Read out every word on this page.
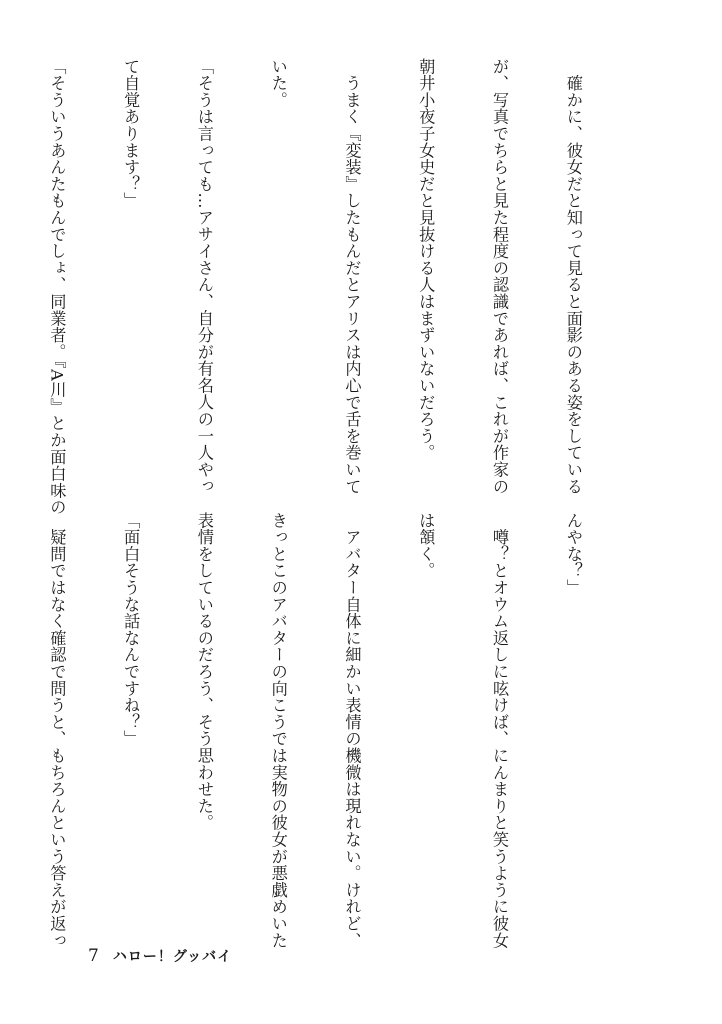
　確かに、彼女だと知って見ると面影のある姿をしている

が、写真でちらと見た程度の認識であれば、これが作家の

朝井小夜子女史だと見抜ける人はまずいないだろう。

　うまく『変装』したもんだとアリスは内心で舌を巻いて

いた。

「そうは言っても…アサイさん、自分が有名人の一人やっ

て自覚あります？」

「そういうあんたもんでしょ、同業者。『A川』とか面白味の

んやな？」

　噂？とオウム返しに呟けば、にんまりと笑うように彼女

は頷く。

　アバター自体に細かい表情の機微は現れない。けれど、

きっとこのアバターの向こうでは実物の彼女が悪戯めいた

表情をしているのだろう、そう思わせた。

「面白そうな話なんですね？」

　疑問ではなく確認で問うと、もちろんという答えが返っ

7 ハロー！グッバイ
